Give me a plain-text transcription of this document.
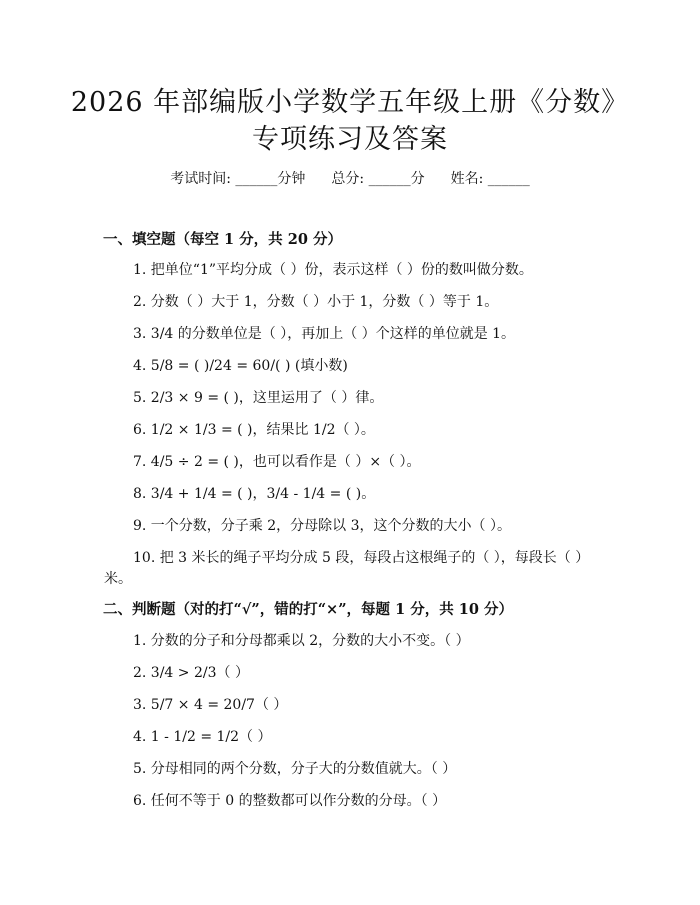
2026 年部编版小学数学五年级上册《分数》
专项练习及答案
考试时间: ______分钟 总分: ______分 姓名: ______
一、填空题（每空 1 分，共 20 分）
1. 把单位“1”平均分成（ ）份，表示这样（ ）份的数叫做分数。
2. 分数（ ）大于 1，分数（ ）小于 1，分数（ ）等于 1。
3. 3/4 的分数单位是（ ），再加上（ ）个这样的单位就是 1。
4. 5/8 = ( )/24 = 60/( ) (填小数)
5. 2/3 × 9 = ( )，这里运用了（ ）律。
6. 1/2 × 1/3 = ( )，结果比 1/2（ ）。
7. 4/5 ÷ 2 = ( )，也可以看作是（ ）×（ ）。
8. 3/4 + 1/4 = ( )，3/4 - 1/4 = ( )。
9. 一个分数，分子乘 2，分母除以 3，这个分数的大小（ ）。
10. 把 3 米长的绳子平均分成 5 段，每段占这根绳子的（ ），每段长（ ）
米。
二、判断题（对的打“√”，错的打“×”，每题 1 分，共 10 分）
1. 分数的分子和分母都乘以 2，分数的大小不变。（ ）
2. 3/4 > 2/3（ ）
3. 5/7 × 4 = 20/7（ ）
4. 1 - 1/2 = 1/2（ ）
5. 分母相同的两个分数，分子大的分数值就大。（ ）
6. 任何不等于 0 的整数都可以作分数的分母。（ ）
